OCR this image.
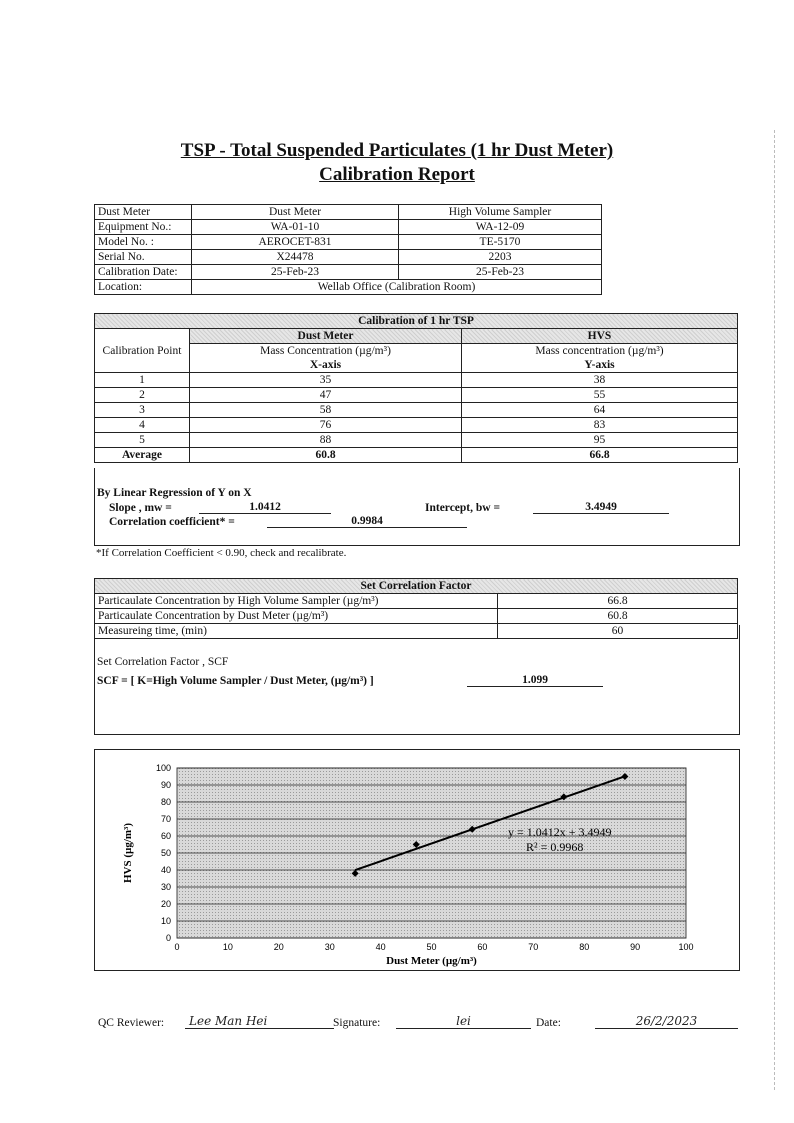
TSP - Total Suspended Particulates (1 hr Dust Meter)
Calibration Report
Dust Meter	Dust Meter	High Volume Sampler
Equipment No.:	WA-01-10	WA-12-09
Model No. :	AEROCET-831	TE-5170
Serial No.	X24478	2203
Calibration Date:	25-Feb-23	25-Feb-23
Location:	Wellab Office (Calibration Room)	
Calibration of 1 hr TSP		
Calibration Point	Dust Meter	HVS
	Mass Concentration (µg/m³)	Mass concentration (µg/m³)
	X-axis	Y-axis
1	35	38
2	47	55
3	58	64
4	76	83
5	88	95
Average	60.8	66.8
By Linear Regression of Y on X
Slope , mw =	1.0412	Intercept, bw =	3.4949
Correlation coefficient* =	0.9984
*If Correlation Coefficient < 0.90, check and recalibrate.
Set Correlation Factor	
Particaulate Concentration by High Volume Sampler (µg/m³)	66.8
Particaulate Concentration by Dust Meter (µg/m³)	60.8
Measureing time, (min)	60
Set Correlation Factor , SCF
SCF = [ K=High Volume Sampler / Dust Meter, (µg/m³) ]	1.099
0
10
20
30
40
50
60
70
80
90
100
0	10	20	30	40	50	60	70	80	90	100
y = 1.0412x + 3.4949
R² = 0.9968
Dust Meter (µg/m³)
HVS (µg/m³)
QC Reviewer:	Lee Man Hei	Signature:	lei	Date:	26/2/2023
